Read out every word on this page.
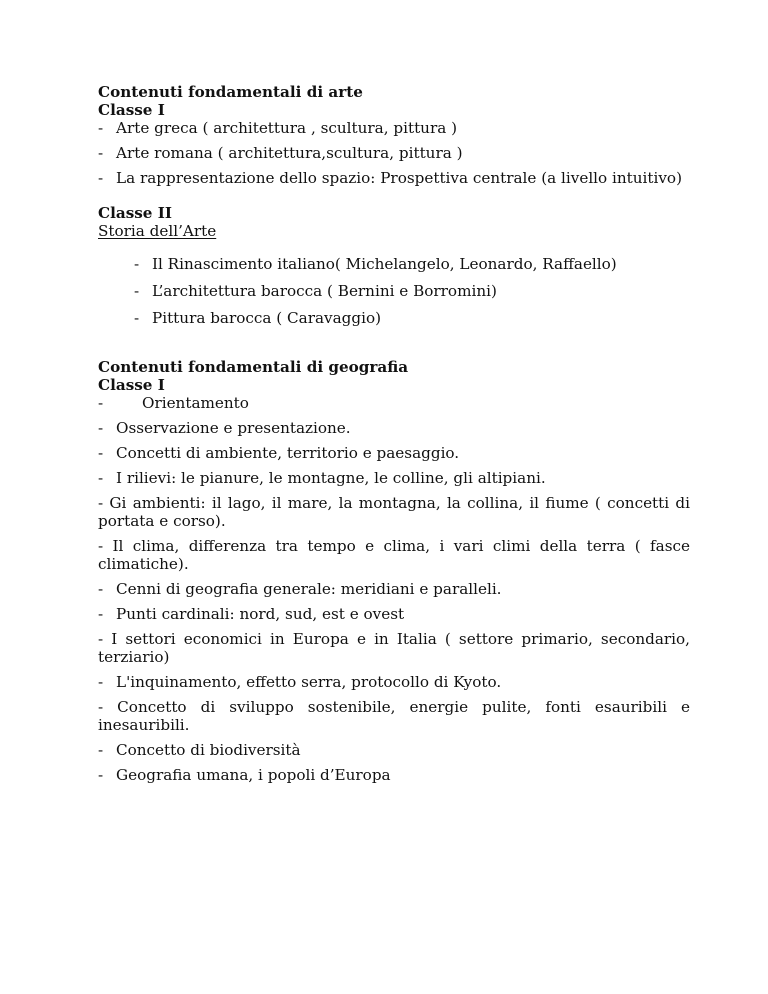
Contenuti fondamentali di arte
Classe I
- Arte greca ( architettura , scultura, pittura )
- Arte romana ( architettura,scultura, pittura )
- La rappresentazione dello spazio: Prospettiva centrale (a livello intuitivo)
Classe II
Storia dell’Arte
- Il Rinascimento italiano( Michelangelo, Leonardo, Raffaello)
- L’architettura barocca ( Bernini e Borromini)
- Pittura barocca ( Caravaggio)
Contenuti fondamentali di geografia
Classe I
-	Orientamento
- Osservazione e presentazione.
- Concetti di ambiente, territorio e paesaggio.
- I rilievi: le pianure, le montagne, le colline, gli altipiani.
- Gi ambienti: il lago, il mare, la montagna, la collina, il fiume ( concetti di portata e corso).
- Il clima, differenza tra tempo e clima, i vari climi della terra ( fasce climatiche).
- Cenni di geografia generale: meridiani e paralleli.
- Punti cardinali: nord, sud, est e ovest
- I settori economici in Europa e in Italia ( settore primario, secondario, terziario)
- L'inquinamento, effetto serra, protocollo di Kyoto.
- Concetto di sviluppo sostenibile, energie pulite, fonti esauribili e inesauribili.
- Concetto di biodiversità
- Geografia umana, i popoli d’Europa
